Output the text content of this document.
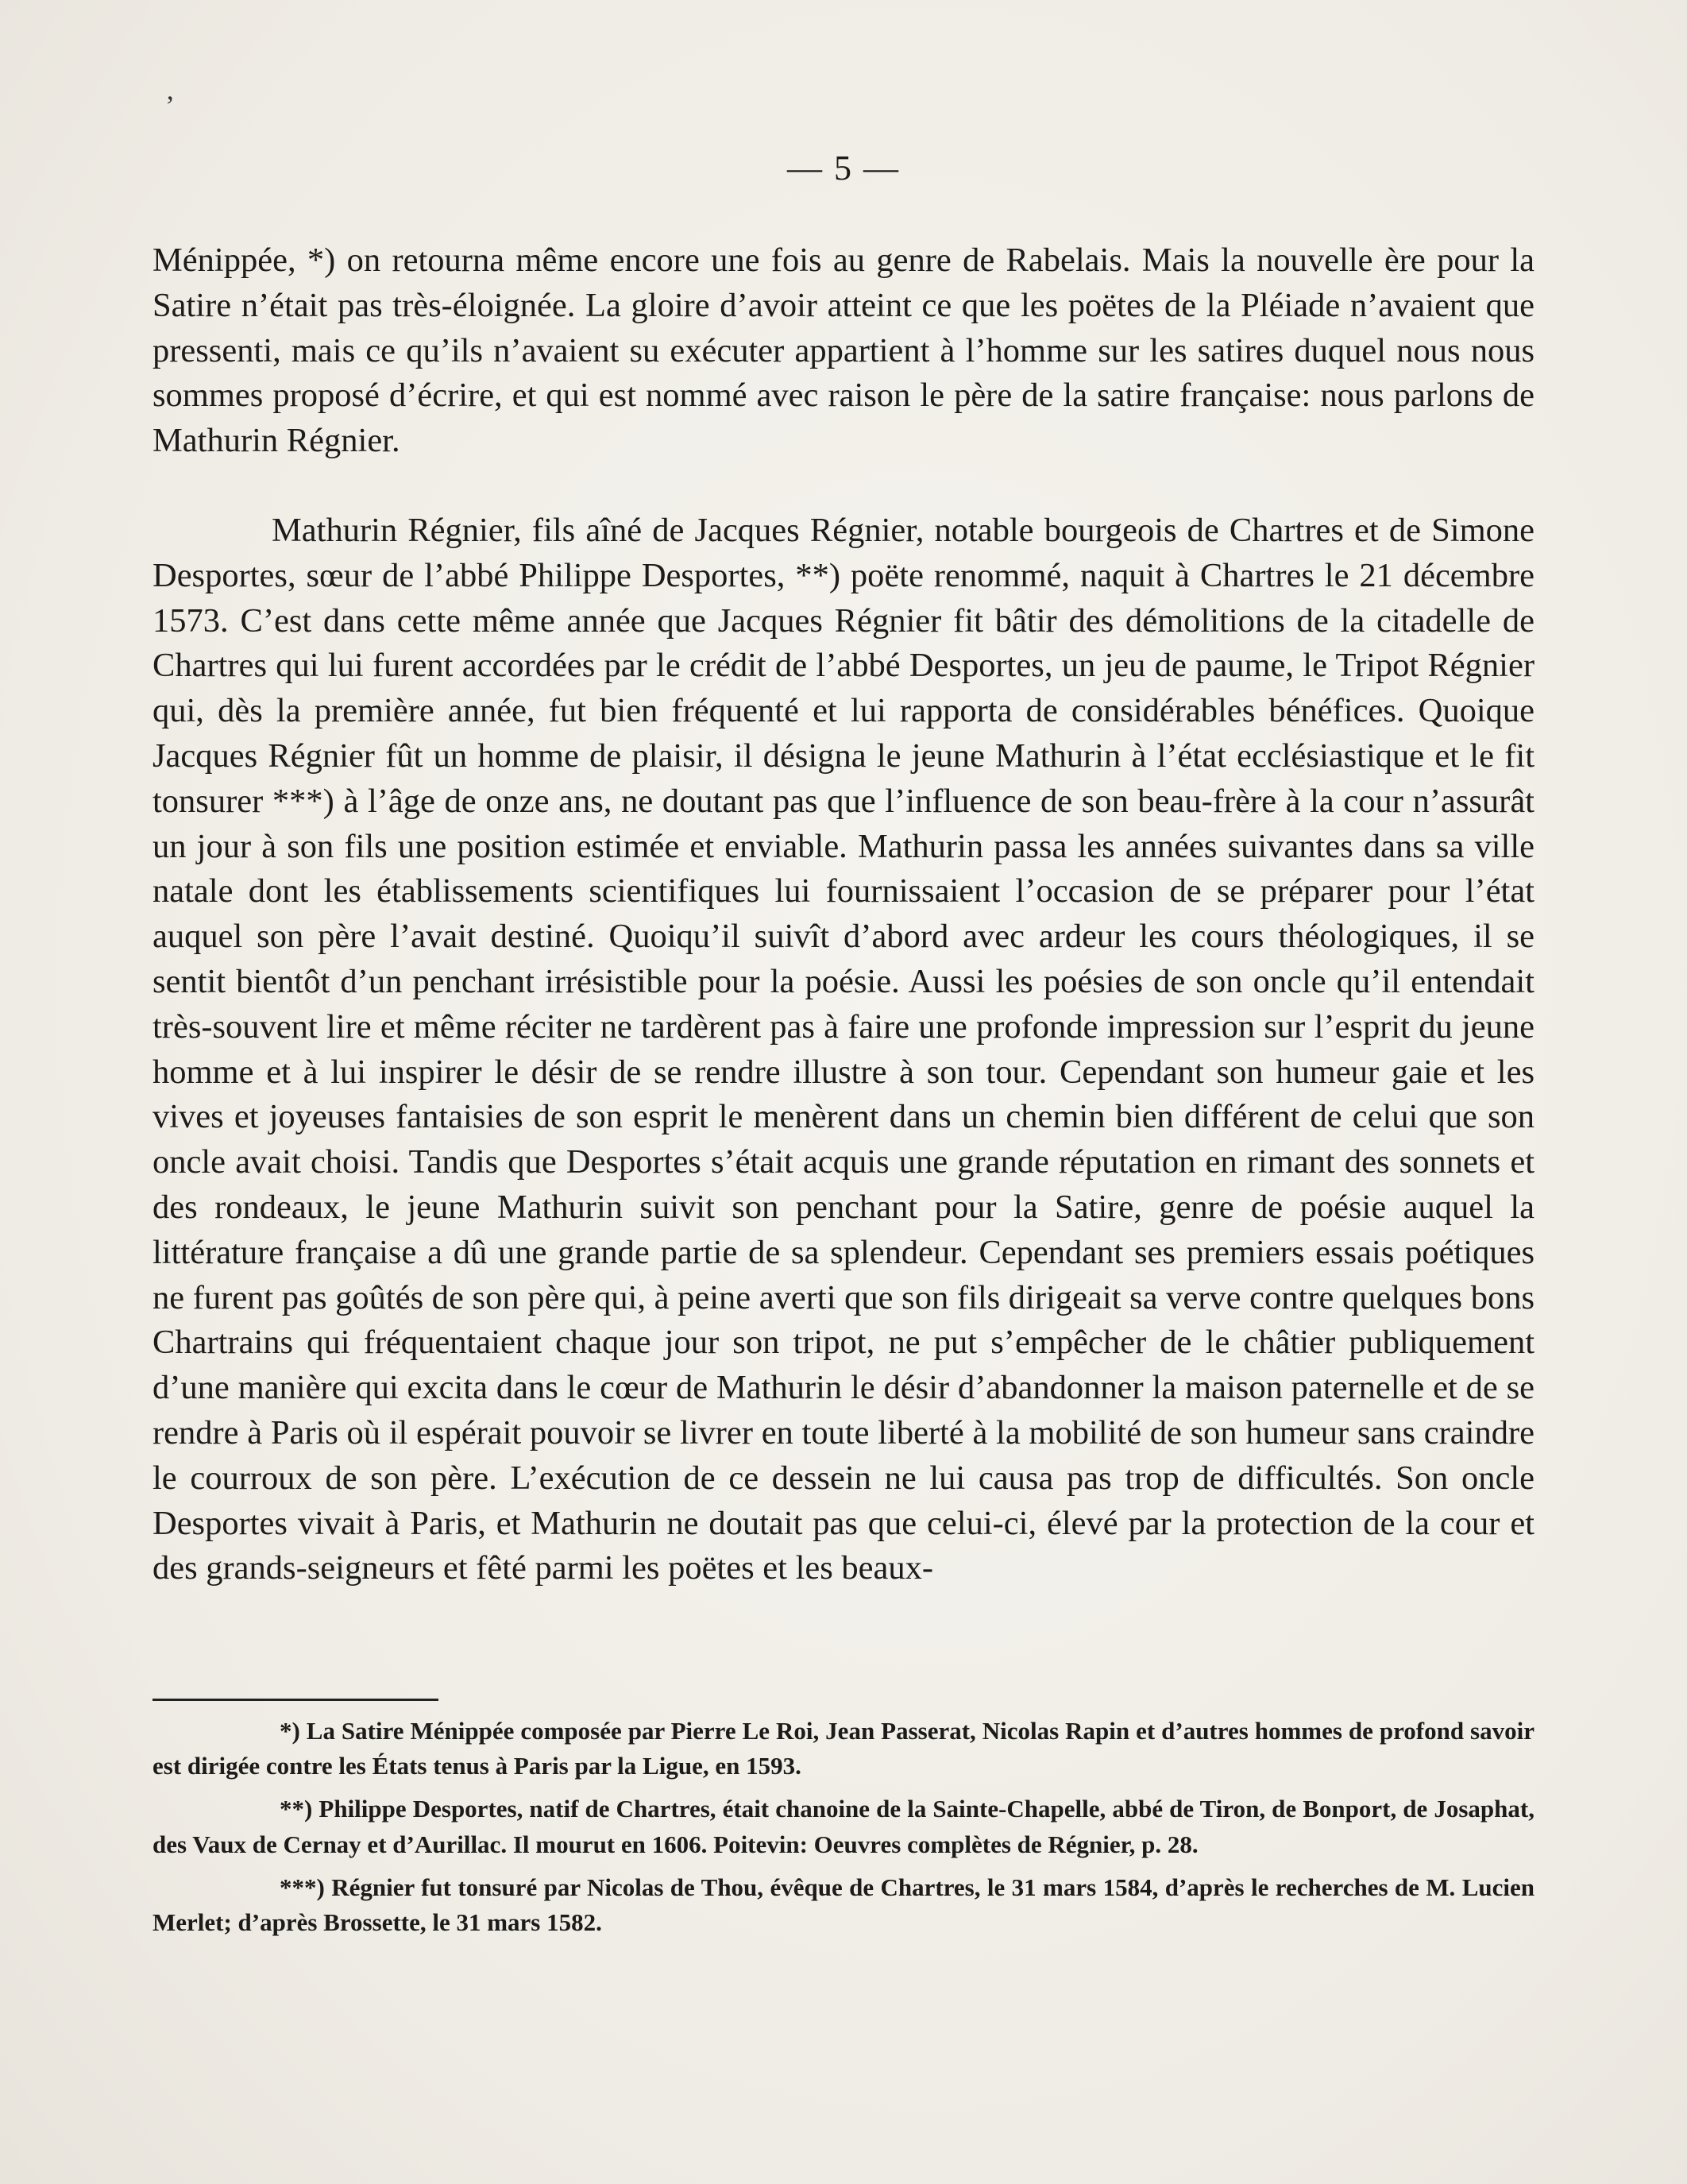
’
— 5 —

Ménippée, *) on retourna même encore une fois au genre de Rabelais. Mais la nouvelle ère pour la Satire n’était pas très-éloignée. La gloire d’avoir atteint ce que les poëtes de la Pléiade n’avaient que pressenti, mais ce qu’ils n’avaient su exécuter appartient à l’homme sur les satires duquel nous nous sommes proposé d’écrire, et qui est nommé avec raison le père de la satire française: nous parlons de Mathurin Régnier.

Mathurin Régnier, fils aîné de Jacques Régnier, notable bourgeois de Chartres et de Simone Desportes, sœur de l’abbé Philippe Desportes, **) poëte renommé, naquit à Chartres le 21 décembre 1573. C’est dans cette même année que Jacques Régnier fit bâtir des démolitions de la citadelle de Chartres qui lui furent accordées par le crédit de l’abbé Desportes, un jeu de paume, le Tripot Régnier qui, dès la première année, fut bien fréquenté et lui rapporta de considérables bénéfices. Quoique Jacques Régnier fût un homme de plaisir, il désigna le jeune Mathurin à l’état ecclésiastique et le fit tonsurer ***) à l’âge de onze ans, ne doutant pas que l’influence de son beau-frère à la cour n’assurât un jour à son fils une position estimée et enviable. Mathurin passa les années suivantes dans sa ville natale dont les établissements scientifiques lui fournissaient l’occasion de se préparer pour l’état auquel son père l’avait destiné. Quoiqu’il suivît d’abord avec ardeur les cours théologiques, il se sentit bientôt d’un penchant irrésistible pour la poésie. Aussi les poésies de son oncle qu’il entendait très-souvent lire et même réciter ne tardèrent pas à faire une profonde impression sur l’esprit du jeune homme et à lui inspirer le désir de se rendre illustre à son tour. Cependant son humeur gaie et les vives et joyeuses fantaisies de son esprit le menèrent dans un chemin bien différent de celui que son oncle avait choisi. Tandis que Desportes s’était acquis une grande réputation en rimant des sonnets et des rondeaux, le jeune Mathurin suivit son penchant pour la Satire, genre de poésie auquel la littérature française a dû une grande partie de sa splendeur. Cependant ses premiers essais poétiques ne furent pas goûtés de son père qui, à peine averti que son fils dirigeait sa verve contre quelques bons Chartrains qui fréquentaient chaque jour son tripot, ne put s’empêcher de le châtier publiquement d’une manière qui excita dans le cœur de Mathurin le désir d’abandonner la maison paternelle et de se rendre à Paris où il espérait pouvoir se livrer en toute liberté à la mobilité de son humeur sans craindre le courroux de son père. L’exécution de ce dessein ne lui causa pas trop de difficultés. Son oncle Desportes vivait à Paris, et Mathurin ne doutait pas que celui-ci, élevé par la protection de la cour et des grands-seigneurs et fêté parmi les poëtes et les beaux-

*) La Satire Ménippée composée par Pierre Le Roi, Jean Passerat, Nicolas Rapin et d’autres hommes de profond savoir est dirigée contre les États tenus à Paris par la Ligue, en 1593.

**) Philippe Desportes, natif de Chartres, était chanoine de la Sainte-Chapelle, abbé de Tiron, de Bonport, de Josaphat, des Vaux de Cernay et d’Aurillac. Il mourut en 1606. Poitevin: Oeuvres complètes de Régnier, p. 28.

***) Régnier fut tonsuré par Nicolas de Thou, évêque de Chartres, le 31 mars 1584, d’après le recherches de M. Lucien Merlet; d’après Brossette, le 31 mars 1582.
